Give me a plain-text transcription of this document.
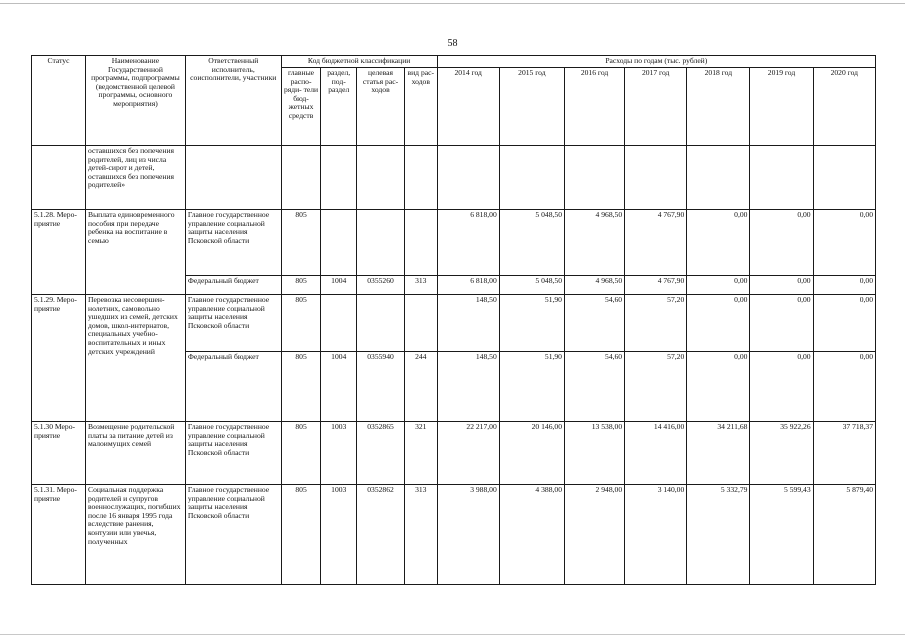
58
Статус	Наименование Государственной программы, подпрограммы (ведомственной целевой программы, основного мероприятия)	Ответственный исполнитель, соисполнители, участники	Код бюджетной классификации				Расходы по годам (тыс. рублей)						
			главные распо- ряди- тели бюд- жетных средств	раздел, под- раздел	целевая статья рас- ходов	вид рас- ходов	2014 год	2015 год	2016 год	2017 год	2018 год	2019 год	2020 год
	оставшихся без попечения родителей, лиц из числа детей-сирот и детей, оставшихся без попечения родителей»												
5.1.28. Меро- приятие	Выплата единовременного пособия при передаче ребенка на воспитание в семью	Главное государственное управление социальной защиты населения Псковской области	805				6 818,00	5 048,50	4 968,50	4 767,90	0,00	0,00	0,00
		Федеральный бюджет	805	1004	0355260	313	6 818,00	5 048,50	4 968,50	4 767,90	0,00	0,00	0,00
5.1.29. Меро- приятие	Перевозка несовершен- нолетних, самовольно ушедших из семей, детских домов, школ-интернатов, специальных учебно- воспитательных и иных детских учреждений	Главное государственное управление социальной защиты населения Псковской области	805				148,50	51,90	54,60	57,20	0,00	0,00	0,00
		Федеральный бюджет	805	1004	0355940	244	148,50	51,90	54,60	57,20	0,00	0,00	0,00
5.1.30 Меро- приятие	Возмещение родительской платы за питание детей из малоимущих семей	Главное государственное управление социальной защиты населения Псковской области	805	1003	0352865	321	22 217,00	20 146,00	13 538,00	14 416,00	34 211,68	35 922,26	37 718,37
5.1.31. Меро- приятие	Социальная поддержка родителей и супругов военнослужащих, погибших после 16 января 1995 года вследствие ранения, контузии или увечья, полученных	Главное государственное управление социальной защиты населения Псковской области	805	1003	0352862	313	3 988,00	4 388,00	2 948,00	3 140,00	5 332,79	5 599,43	5 879,40
